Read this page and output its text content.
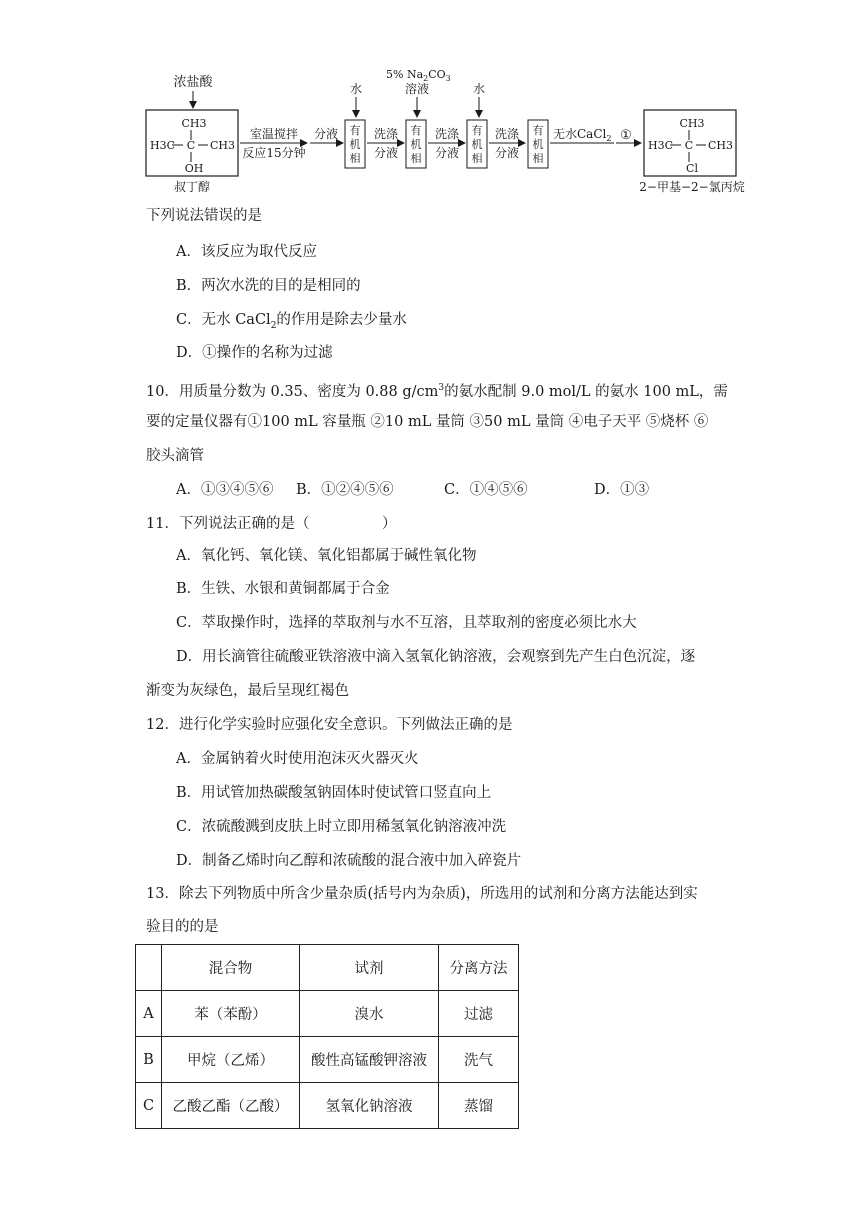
浓盐酸
CH3
H3C C CH3
OH
叔丁醇
室温搅拌
反应15分钟
分液 有
机
相
水
洗涤
分液
有
机
相
5% $Na_2CO_3$
溶液
洗涤
分液
有
机
相
水
洗涤
分液
有
机
相
无水CaCl$_2$ ①
CH3
H3C C CH3
Cl
2−甲基−2−氯丙烷
下列说法错误的是
A．该反应为取代反应
B．两次水洗的目的是相同的
C．无水 CaCl$_2$的作用是除去少量水
D．①操作的名称为过滤
10．用质量分数为 0.35、密度为 0.88 $g/cm^3$的氨水配制 9.0 mol/L 的氨水 100 mL，需
要的定量仪器有①100 mL 容量瓶 ②10 mL 量筒 ③50 mL 量筒 ④电子天平 ⑤烧杯 ⑥
胶头滴管
A．①③④⑤⑥ B．①②④⑤⑥	C．①④⑤⑥	D．①③
11．下列说法正确的是（　　　　　）
A．氧化钙、氧化镁、氧化铝都属于碱性氧化物
B．生铁、水银和黄铜都属于合金
C．萃取操作时，选择的萃取剂与水不互溶，且萃取剂的密度必须比水大
D．用长滴管往硫酸亚铁溶液中滴入氢氧化钠溶液，会观察到先产生白色沉淀，逐
渐变为灰绿色，最后呈现红褐色
12．进行化学实验时应强化安全意识。下列做法正确的是
A．金属钠着火时使用泡沫灭火器灭火
B．用试管加热碳酸氢钠固体时使试管口竖直向上
C．浓硫酸溅到皮肤上时立即用稀氢氧化钠溶液冲洗
D．制备乙烯时向乙醇和浓硫酸的混合液中加入碎瓷片
13．除去下列物质中所含少量杂质(括号内为杂质)，所选用的试剂和分离方法能达到实
验目的的是
	混合物	试剂	分离方法
A	苯（苯酚）	溴水	过滤
B	甲烷（乙烯）	酸性高锰酸钾溶液	洗气
C	乙酸乙酯（乙酸）	氢氧化钠溶液	蒸馏
